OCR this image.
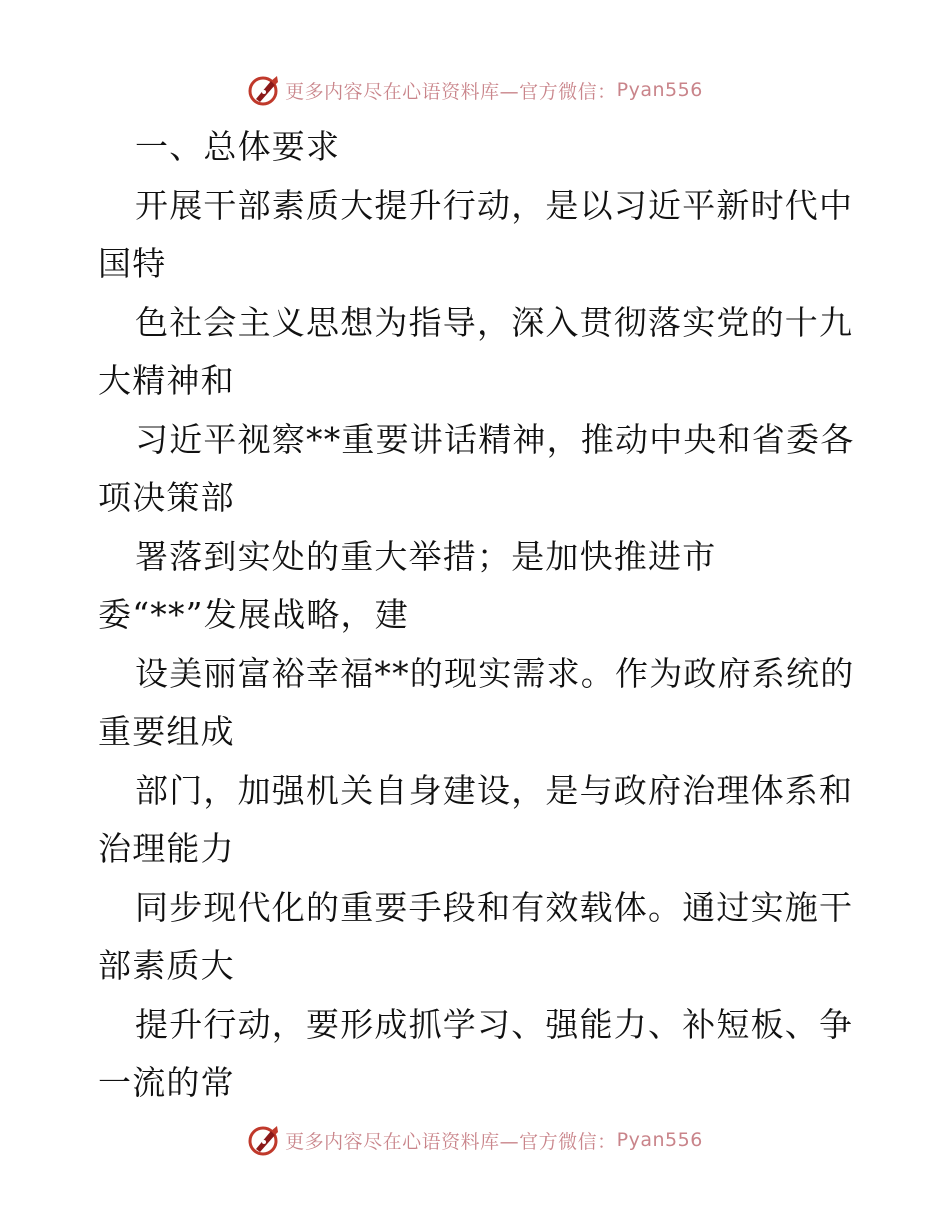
更多内容尽在心语资料库—官方微信： Pyan556
一、总体要求
开展干部素质大提升行动，是以习近平新时代中
国特
色社会主义思想为指导，深入贯彻落实党的十九
大精神和
习近平视察**重要讲话精神，推动中央和省委各
项决策部
署落到实处的重大举措；是加快推进市
委“**”发展战略，建
设美丽富裕幸福**的现实需求。作为政府系统的
重要组成
部门，加强机关自身建设，是与政府治理体系和
治理能力
同步现代化的重要手段和有效载体。通过实施干
部素质大
提升行动，要形成抓学习、强能力、补短板、争
一流的常
更多内容尽在心语资料库—官方微信： Pyan556
